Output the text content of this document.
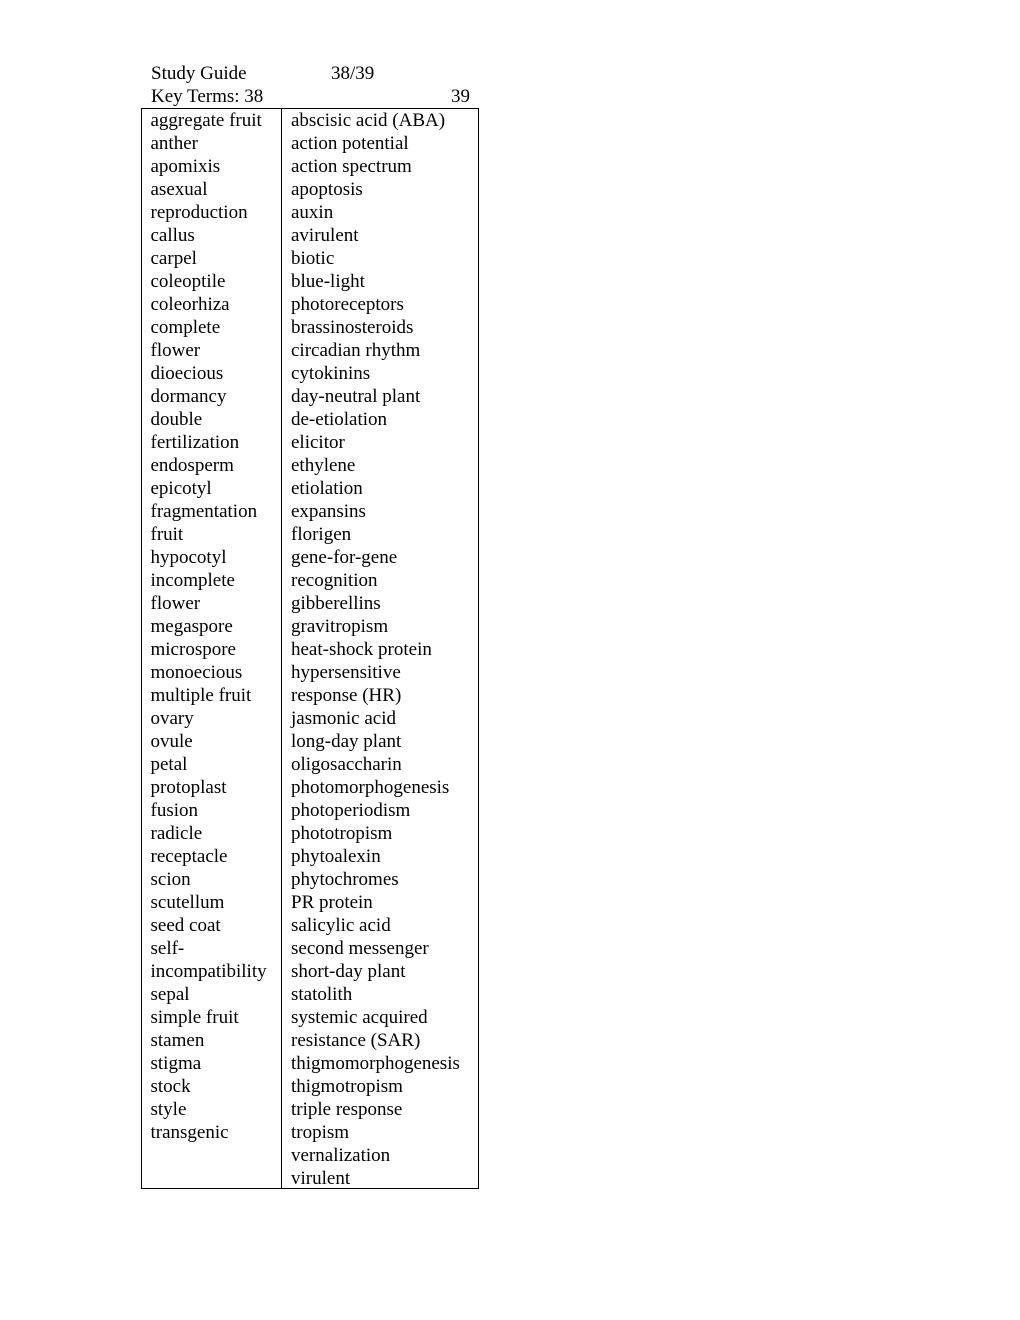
Study Guide	38/39
Key Terms: 38	39
aggregate fruit
anther
apomixis
asexual
reproduction
callus
carpel
coleoptile
coleorhiza
complete
flower
dioecious
dormancy
double
fertilization
endosperm
epicotyl
fragmentation
fruit
hypocotyl
incomplete
flower
megaspore
microspore
monoecious
multiple fruit
ovary
ovule
petal
protoplast
fusion
radicle
receptacle
scion
scutellum
seed coat
self-
incompatibility
sepal
simple fruit
stamen
stigma
stock
style
transgenic
abscisic acid (ABA)
action potential
action spectrum
apoptosis
auxin
avirulent
biotic
blue-light
photoreceptors
brassinosteroids
circadian rhythm
cytokinins
day-neutral plant
de-etiolation
elicitor
ethylene
etiolation
expansins
florigen
gene-for-gene
recognition
gibberellins
gravitropism
heat-shock protein
hypersensitive
response (HR)
jasmonic acid
long-day plant
oligosaccharin
photomorphogenesis
photoperiodism
phototropism
phytoalexin
phytochromes
PR protein
salicylic acid
second messenger
short-day plant
statolith
systemic acquired
resistance (SAR)
thigmomorphogenesis
thigmotropism
triple response
tropism
vernalization
virulent
